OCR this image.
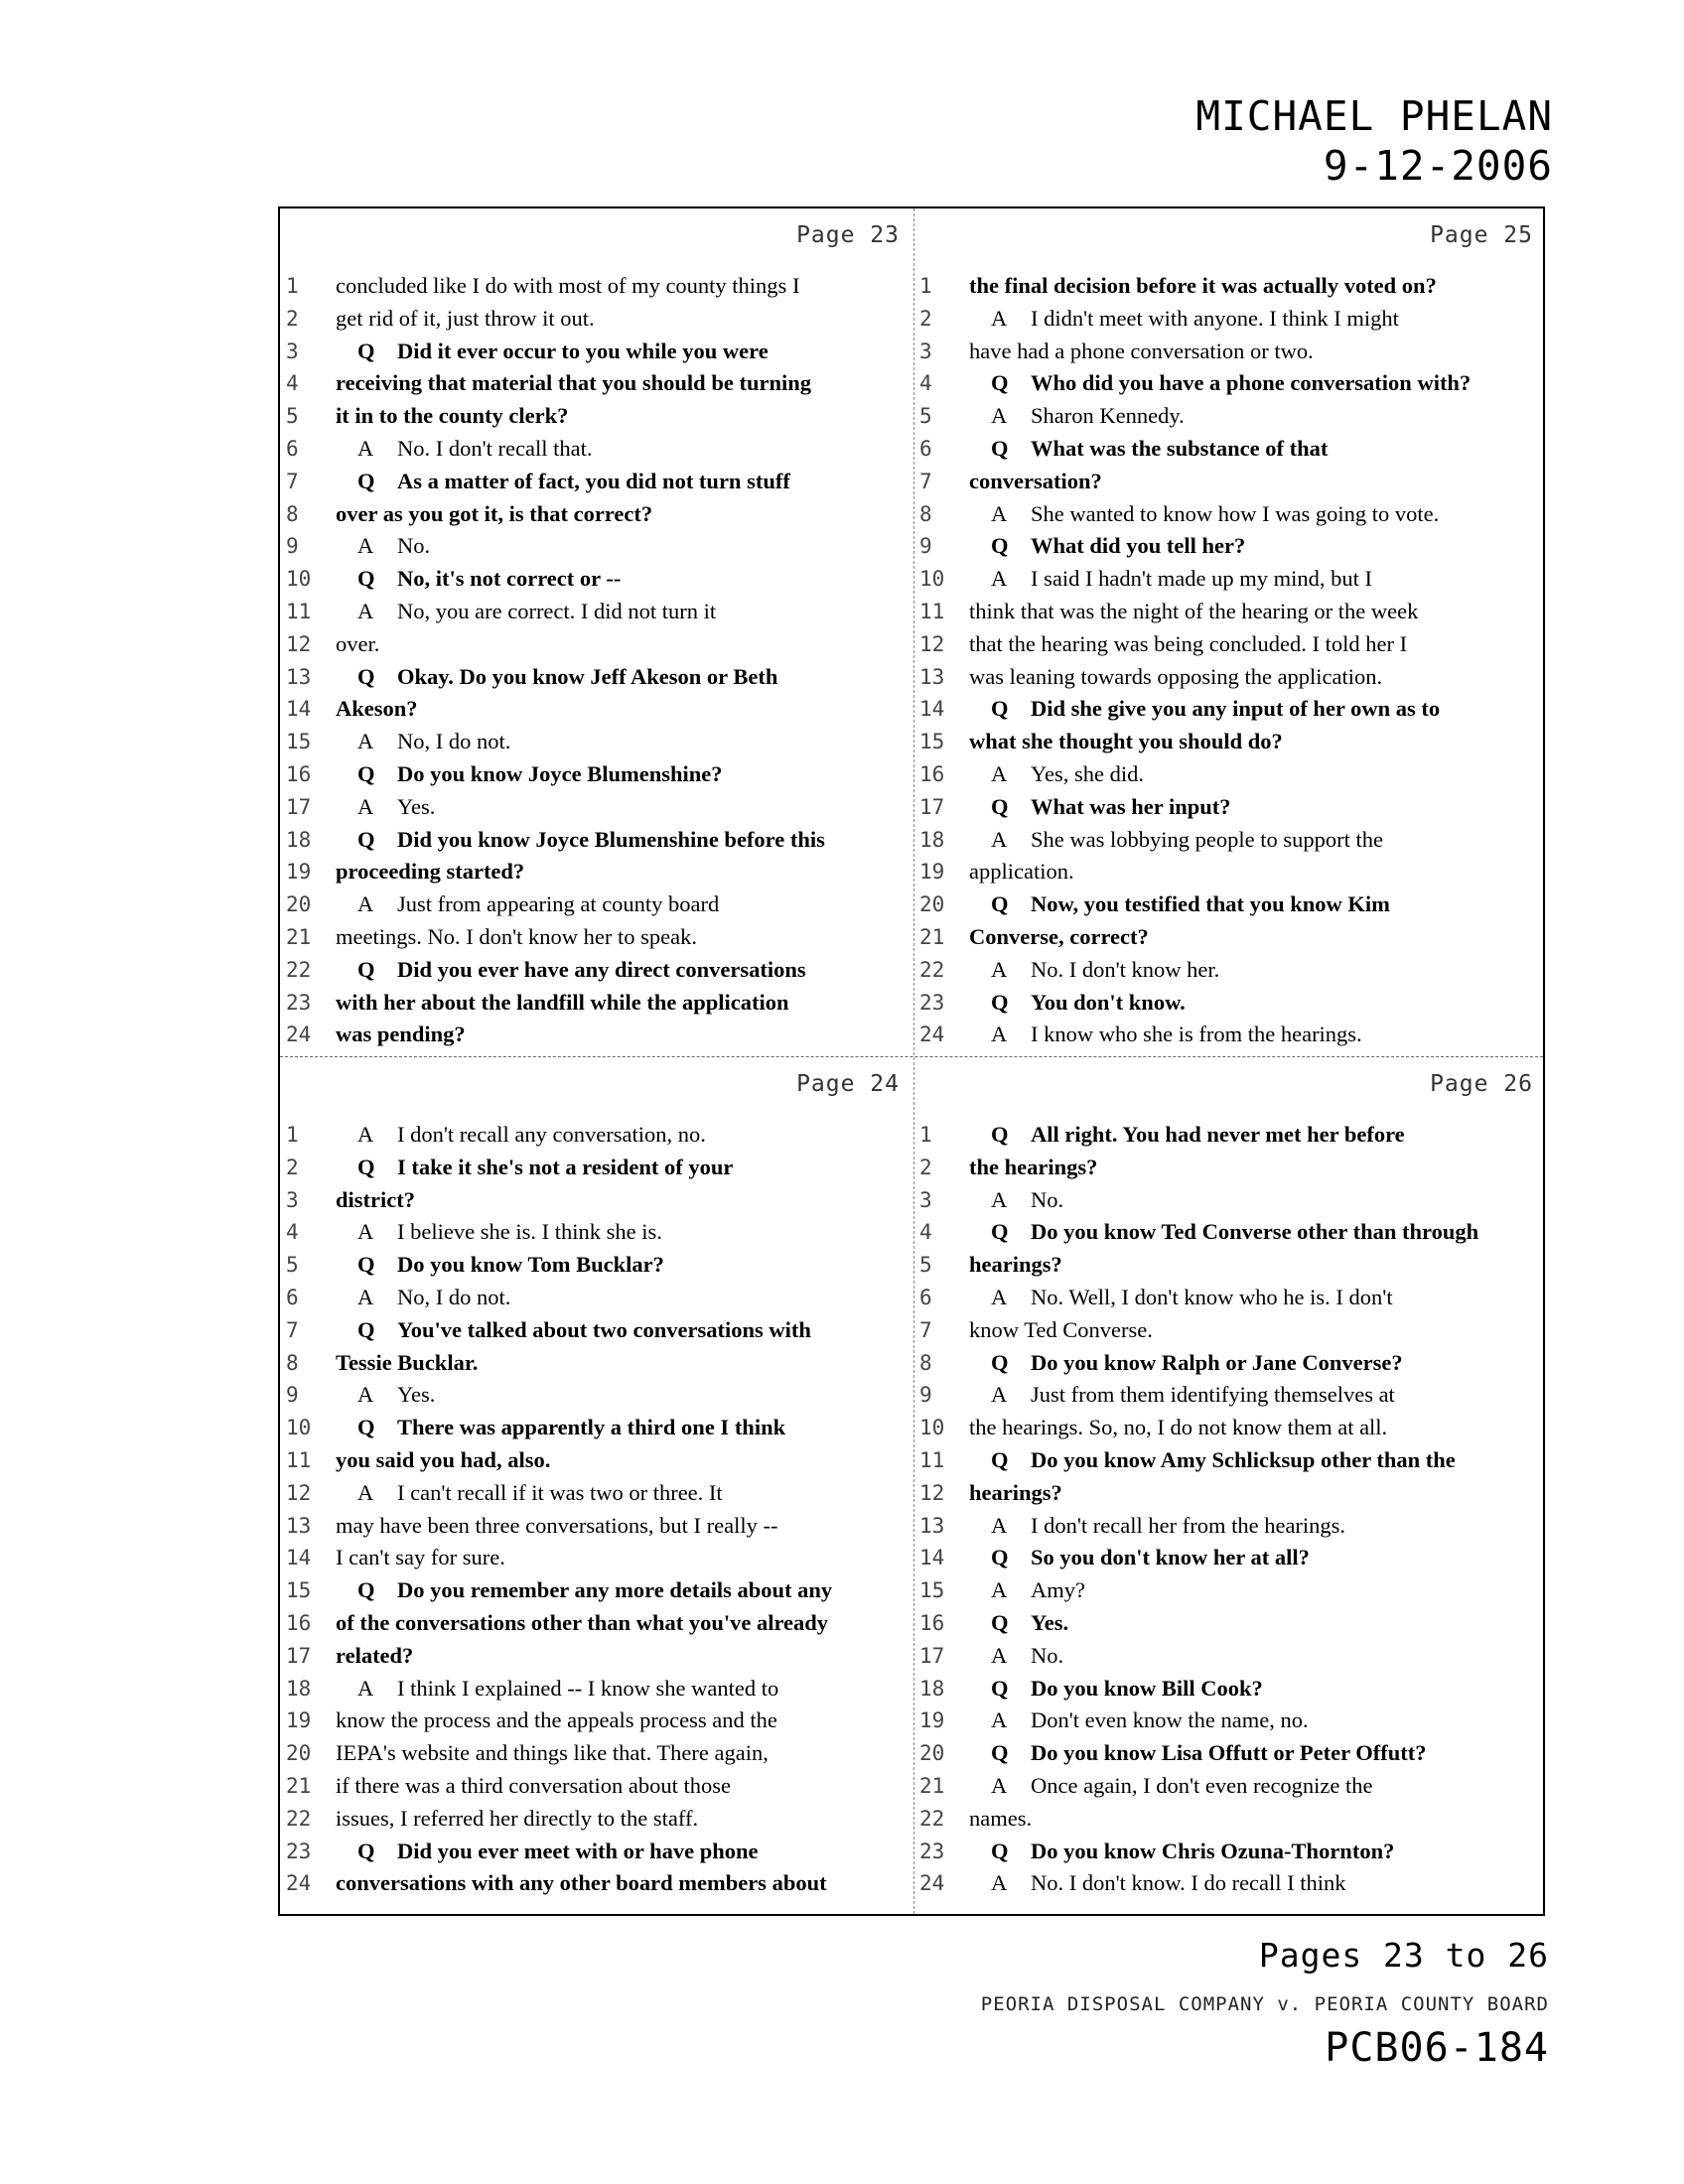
MICHAEL PHELAN
9-12-2006
Page 23
1	concluded like I do with most of my county things I
2	get rid of it, just throw it out.
3	Q Did it ever occur to you while you were
4	receiving that material that you should be turning
5	it in to the county clerk?
6	A No. I don't recall that.
7	Q As a matter of fact, you did not turn stuff
8	over as you got it, is that correct?
9	A No.
10	Q No, it's not correct or --
11	A No, you are correct. I did not turn it
12	over.
13	Q Okay. Do you know Jeff Akeson or Beth
14	Akeson?
15	A No, I do not.
16	Q Do you know Joyce Blumenshine?
17	A Yes.
18	Q Did you know Joyce Blumenshine before this
19	proceeding started?
20	A Just from appearing at county board
21	meetings. No. I don't know her to speak.
22	Q Did you ever have any direct conversations
23	with her about the landfill while the application
24	was pending?
Page 25
1	the final decision before it was actually voted on?
2	A I didn't meet with anyone. I think I might
3	have had a phone conversation or two.
4	Q Who did you have a phone conversation with?
5	A Sharon Kennedy.
6	Q What was the substance of that
7	conversation?
8	A She wanted to know how I was going to vote.
9	Q What did you tell her?
10	A I said I hadn't made up my mind, but I
11	think that was the night of the hearing or the week
12	that the hearing was being concluded. I told her I
13	was leaning towards opposing the application.
14	Q Did she give you any input of her own as to
15	what she thought you should do?
16	A Yes, she did.
17	Q What was her input?
18	A She was lobbying people to support the
19	application.
20	Q Now, you testified that you know Kim
21	Converse, correct?
22	A No. I don't know her.
23	Q You don't know.
24	A I know who she is from the hearings.
Page 24
1	A I don't recall any conversation, no.
2	Q I take it she's not a resident of your
3	district?
4	A I believe she is. I think she is.
5	Q Do you know Tom Bucklar?
6	A No, I do not.
7	Q You've talked about two conversations with
8	Tessie Bucklar.
9	A Yes.
10	Q There was apparently a third one I think
11	you said you had, also.
12	A I can't recall if it was two or three. It
13	may have been three conversations, but I really --
14	I can't say for sure.
15	Q Do you remember any more details about any
16	of the conversations other than what you've already
17	related?
18	A I think I explained -- I know she wanted to
19	know the process and the appeals process and the
20	IEPA's website and things like that. There again,
21	if there was a third conversation about those
22	issues, I referred her directly to the staff.
23	Q Did you ever meet with or have phone
24	conversations with any other board members about
Page 26
1	Q All right. You had never met her before
2	the hearings?
3	A No.
4	Q Do you know Ted Converse other than through
5	hearings?
6	A No. Well, I don't know who he is. I don't
7	know Ted Converse.
8	Q Do you know Ralph or Jane Converse?
9	A Just from them identifying themselves at
10	the hearings. So, no, I do not know them at all.
11	Q Do you know Amy Schlicksup other than the
12	hearings?
13	A I don't recall her from the hearings.
14	Q So you don't know her at all?
15	A Amy?
16	Q Yes.
17	A No.
18	Q Do you know Bill Cook?
19	A Don't even know the name, no.
20	Q Do you know Lisa Offutt or Peter Offutt?
21	A Once again, I don't even recognize the
22	names.
23	Q Do you know Chris Ozuna-Thornton?
24	A No. I don't know. I do recall I think
Pages 23 to 26
PEORIA DISPOSAL COMPANY v. PEORIA COUNTY BOARD
PCB06-184
